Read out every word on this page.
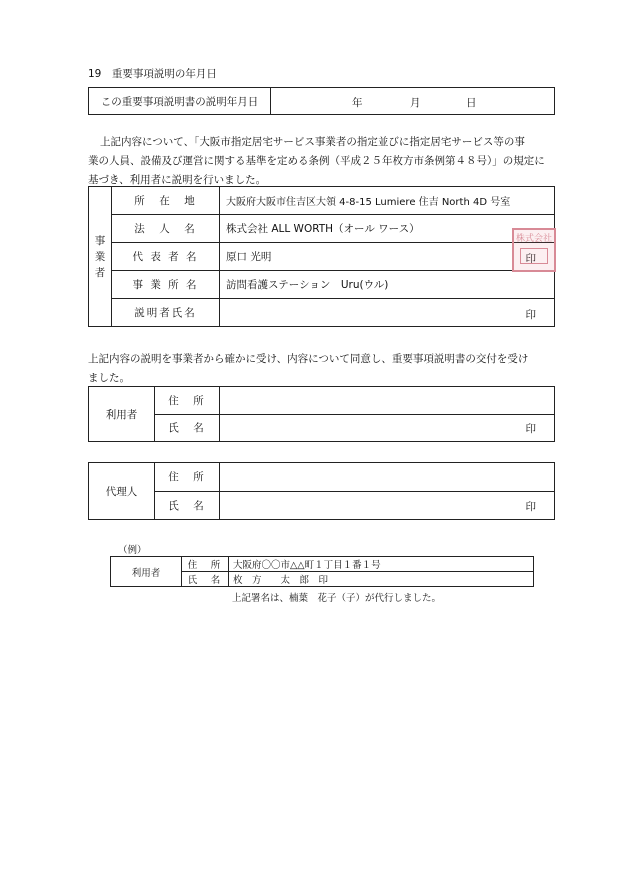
19　重要事項説明の年月日
この重要事項説明書の説明年月日	年	月	日
上記内容について、「大阪市指定居宅サービス事業者の指定並びに指定居宅サービス等の事
業の人員、設備及び運営に関する基準を定める条例（平成２５年枚方市条例第４８号）」の規定に
基づき、利用者に説明を行いました。
事
業
者	所　在　地	大阪府大阪市住吉区大領 4-8-15 Lumiere 住吉 North 4D 号室
	法　人　名	株式会社 ALL WORTH（オール ワース）
	代 表 者 名	原口 光明 印

	事 業 所 名	訪問看護ステーション　Uru(ウル)
	説明者氏名	印
株式会社
上記内容の説明を事業者から確かに受け、内容について同意し、重要事項説明書の交付を受け
ました。
利用者	住　所	
	氏　名	印
代理人	住　所	
	氏　名	印
（例）
利用者	住　所	大阪府〇〇市△△町１丁目１番１号
	氏　名	枚　方　　太　郎　印
上記署名は、楠葉　花子（子）が代行しました。
